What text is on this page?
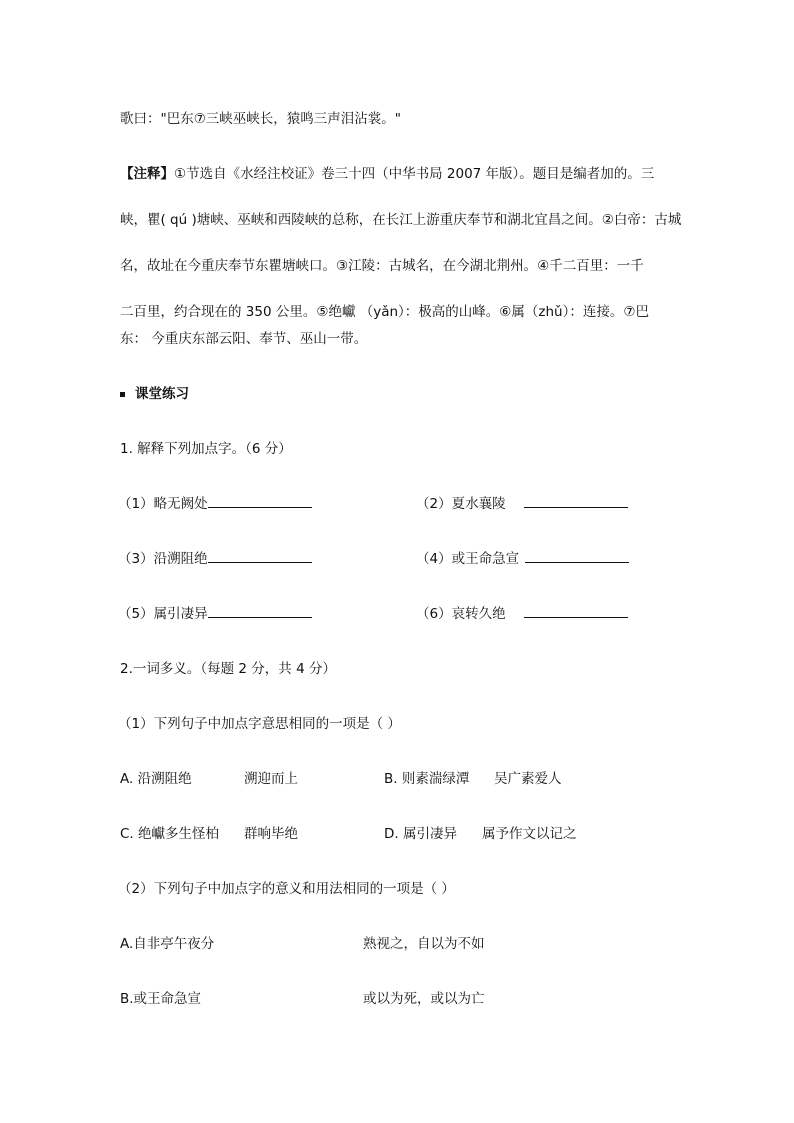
歌曰："巴东⑦三峡巫峡长，猿鸣三声泪沾裳。"
【注释】①节选自《水经注校证》卷三十四（中华书局 2007 年版）。题目是编者加的。三
峡，瞿( qú )塘峡、巫峡和西陵峡的总称，在长江上游重庆奉节和湖北宜昌之间。②白帝：古城
名，故址在今重庆奉节东瞿塘峡口。③江陵：古城名，在今湖北荆州。④千二百里：一千
二百里，约合现在的 350 公里。⑤绝巘 （yǎn）：极高的山峰。⑥属（zhǔ）：连接。⑦巴
东： 今重庆东部云阳、奉节、巫山一带。
课堂练习
1. 解释下列加点字。（6 分）
（1）略无阙处	（2）夏水襄陵
（3）沿溯阻绝	（4）或王命急宣
（5）属引凄异	（6）哀转久绝
2.一词多义。（每题 2 分，共 4 分）
（1）下列句子中加点字意思相同的一项是（ ）
A. 沿溯阻绝	溯迎而上	B. 则素湍绿潭 吴广素爱人
C. 绝巘多生怪柏 群响毕绝	D. 属引凄异 属予作文以记之
（2）下列句子中加点字的意义和用法相同的一项是（ ）
A.自非亭午夜分	熟视之，自以为不如
B.或王命急宣	或以为死，或以为亡
